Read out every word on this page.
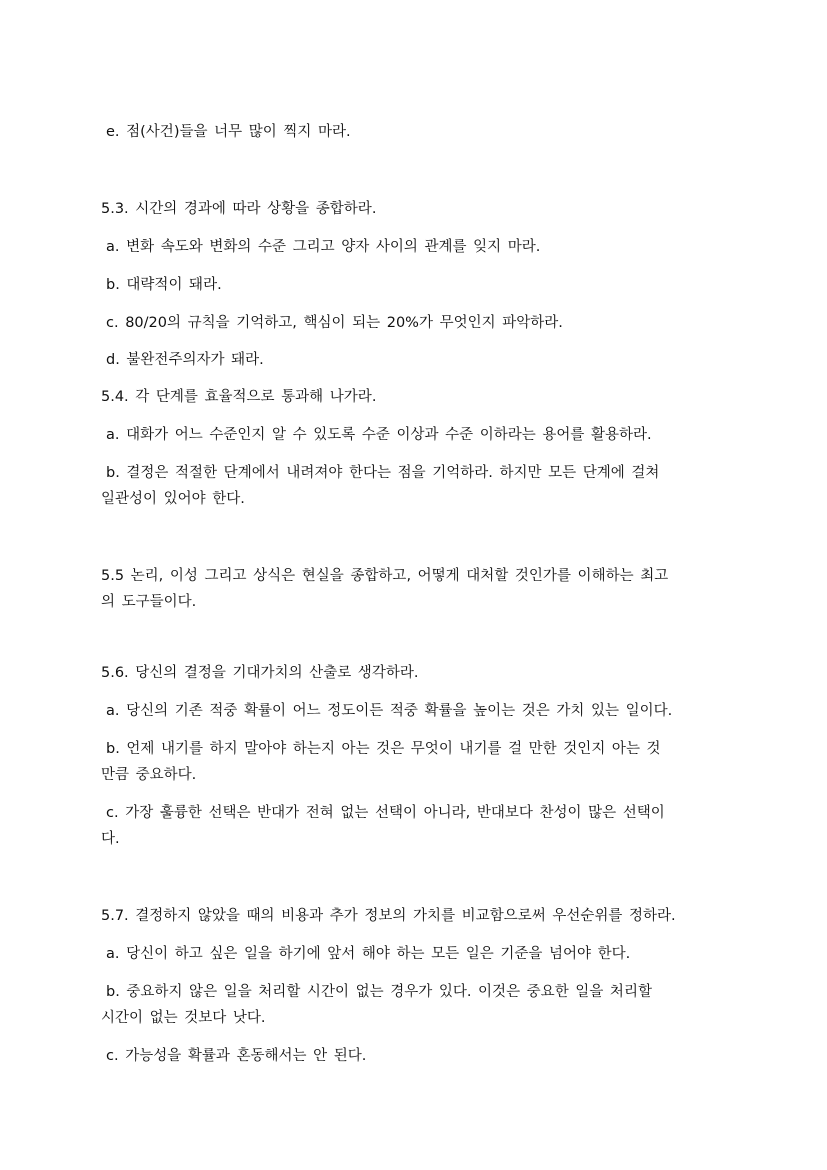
e. 점(사건)들을 너무 많이 찍지 마라.
5.3. 시간의 경과에 따라 상황을 종합하라.
a. 변화 속도와 변화의 수준 그리고 양자 사이의 관계를 잊지 마라.
b. 대략적이 돼라.
c. 80/20의 규칙을 기억하고, 핵심이 되는 20%가 무엇인지 파악하라.
d. 불완전주의자가 돼라.
5.4. 각 단계를 효율적으로 통과해 나가라.
a. 대화가 어느 수준인지 알 수 있도록 수준 이상과 수준 이하라는 용어를 활용하라.
b. 결정은 적절한 단계에서 내려져야 한다는 점을 기억하라. 하지만 모든 단계에 걸쳐
일관성이 있어야 한다.
5.5 논리, 이성 그리고 상식은 현실을 종합하고, 어떻게 대처할 것인가를 이해하는 최고
의 도구들이다.
5.6. 당신의 결정을 기대가치의 산출로 생각하라.
a. 당신의 기존 적중 확률이 어느 정도이든 적중 확률을 높이는 것은 가치 있는 일이다.
b. 언제 내기를 하지 말아야 하는지 아는 것은 무엇이 내기를 걸 만한 것인지 아는 것
만큼 중요하다.
c. 가장 훌륭한 선택은 반대가 전혀 없는 선택이 아니라, 반대보다 찬성이 많은 선택이
다.
5.7. 결정하지 않았을 때의 비용과 추가 정보의 가치를 비교함으로써 우선순위를 정하라.
a. 당신이 하고 싶은 일을 하기에 앞서 해야 하는 모든 일은 기준을 넘어야 한다.
b. 중요하지 않은 일을 처리할 시간이 없는 경우가 있다. 이것은 중요한 일을 처리할
시간이 없는 것보다 낫다.
c. 가능성을 확률과 혼동해서는 안 된다.
